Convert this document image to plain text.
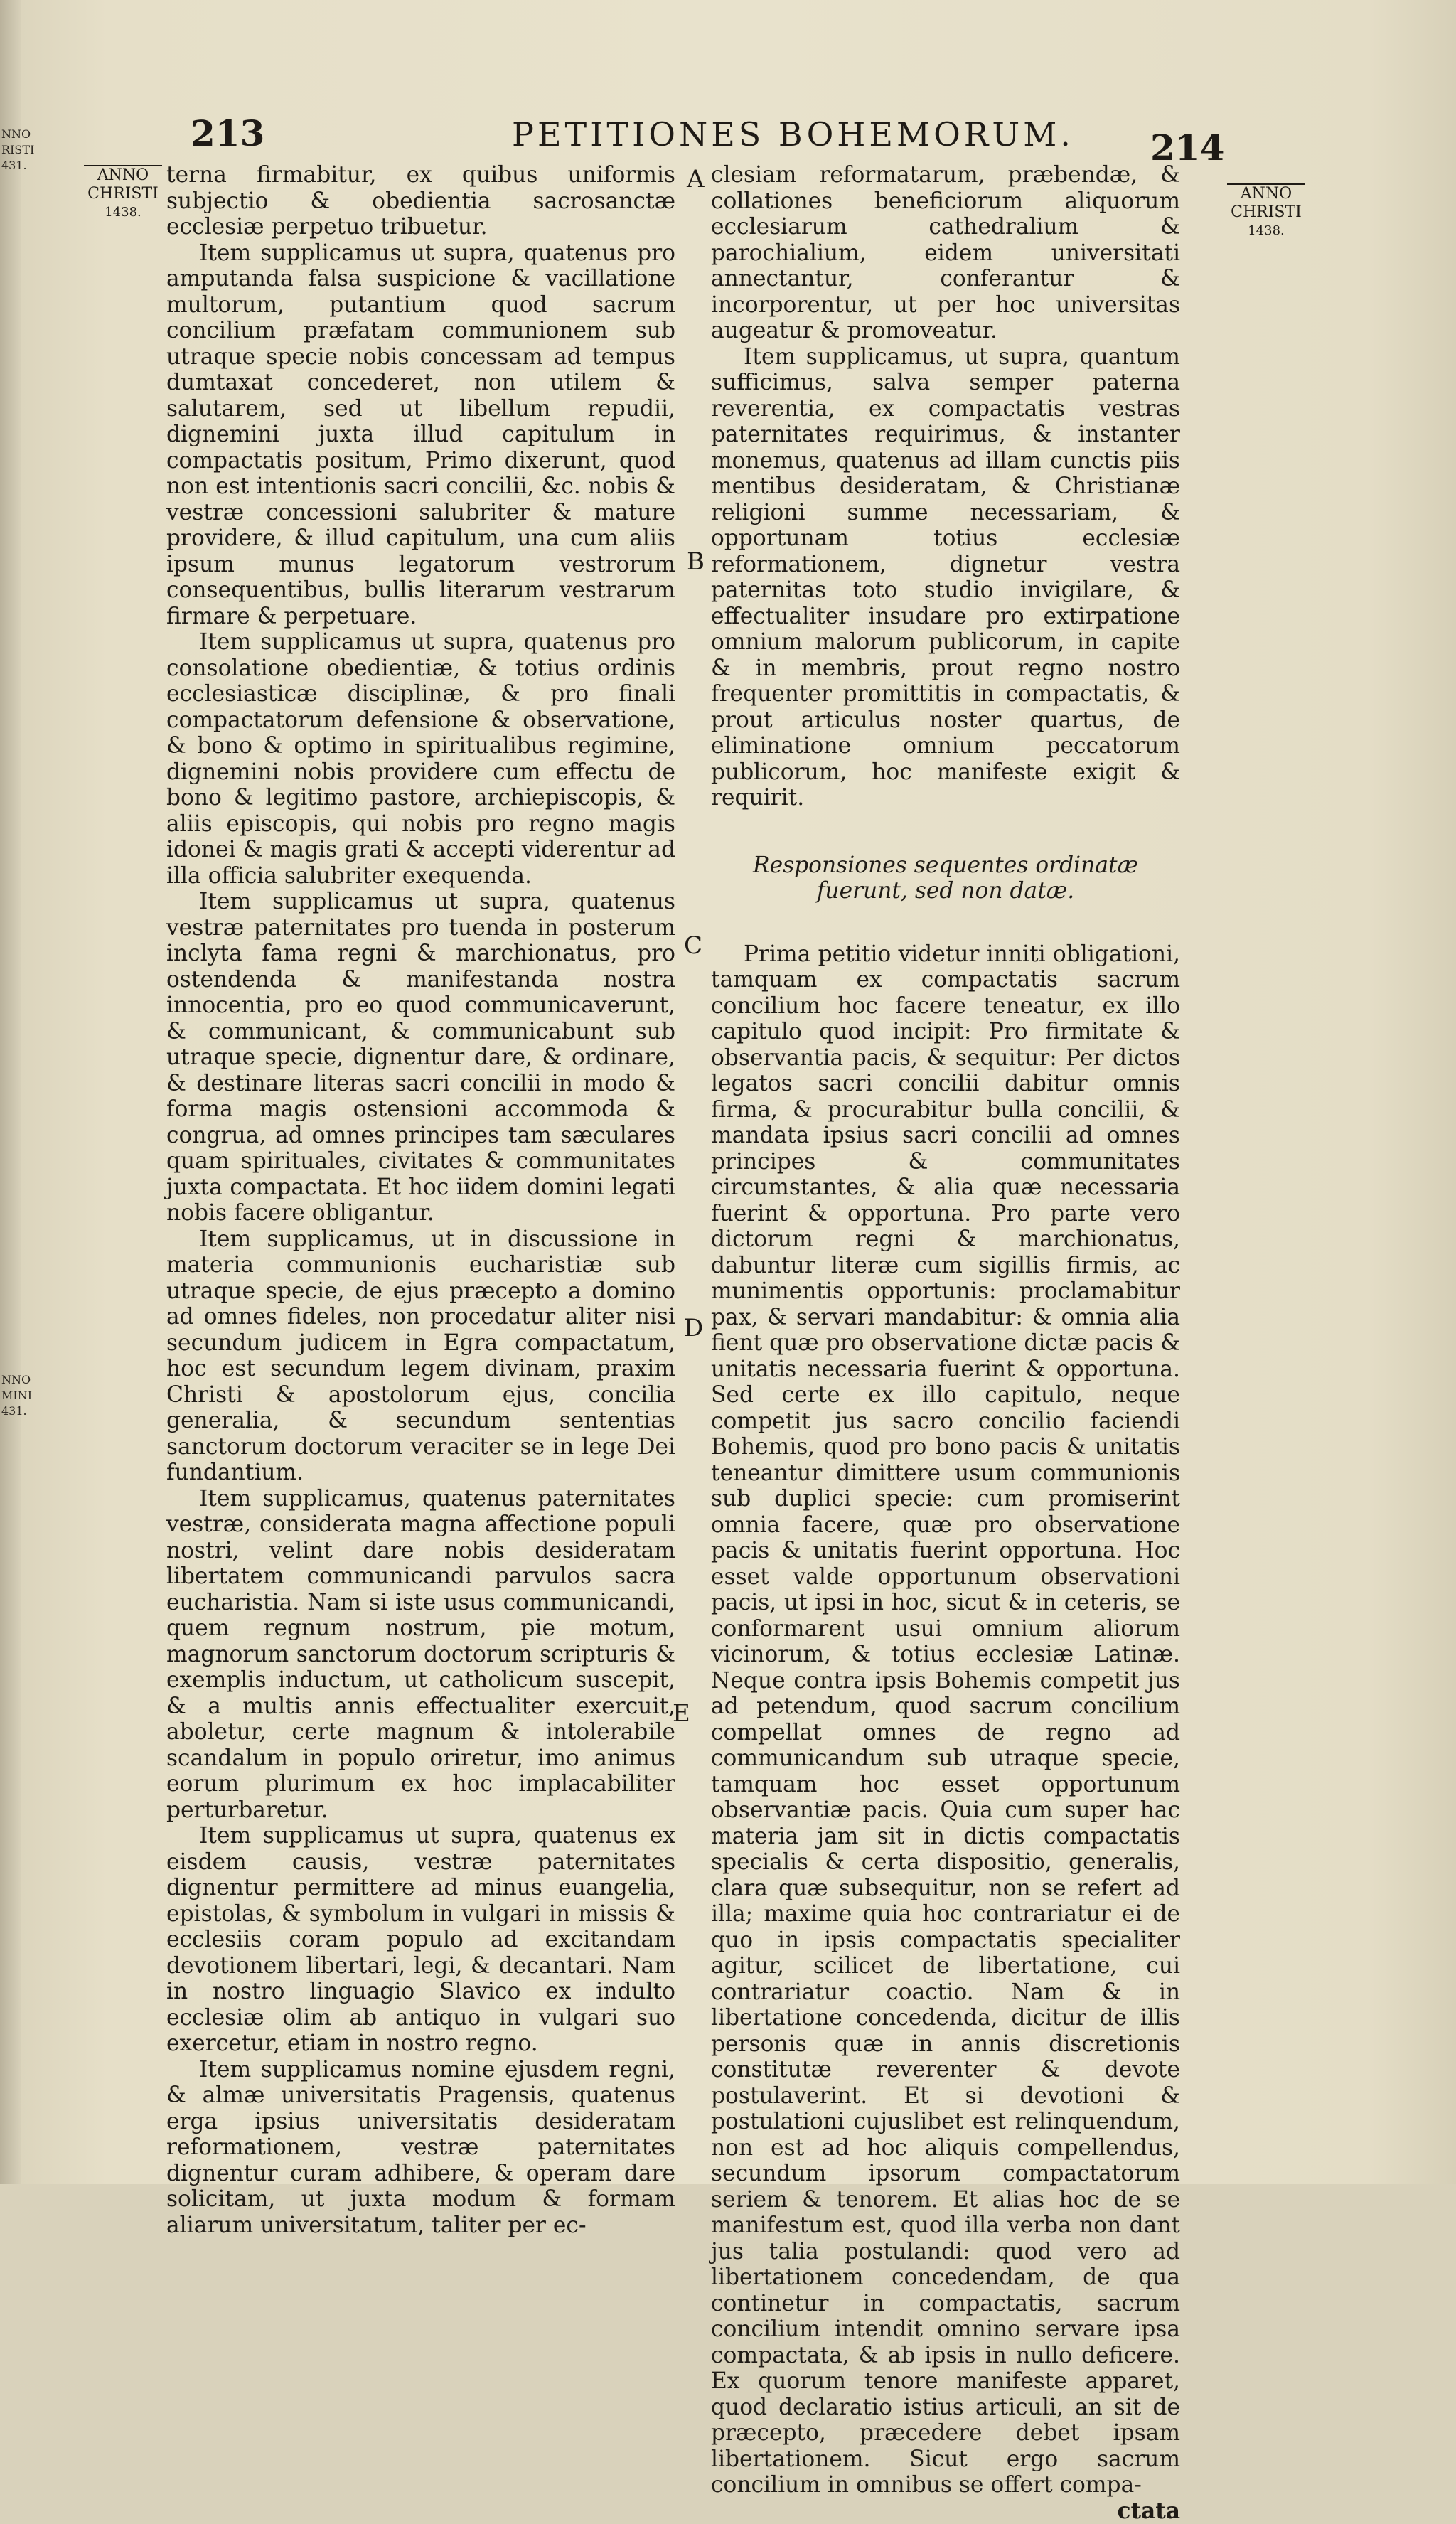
NNO
RISTI
431.
NNO
MINI
431.
213	PETITIONES BOHEMORUM. 214
ANNO
CHRISTI
1438.
ANNO
CHRISTI
1438.
A
B
C
D
E

terna firmabitur, ex quibus uniformis subjectio & obedientia sacrosanctæ ecclesiæ perpetuo tribuetur.

Item supplicamus ut supra, quatenus pro amputanda falsa suspicione & vacillatione multorum, putantium quod sacrum concilium præfatam communionem sub utraque specie nobis concessam ad tempus dumtaxat concederet, non utilem & salutarem, sed ut libellum repudii, dignemini juxta illud capitulum in compactatis positum, Primo dixerunt, quod non est intentionis sacri concilii, &c. nobis & vestræ concessioni salubriter & mature providere, & illud capitulum, una cum aliis ipsum munus legatorum vestrorum consequentibus, bullis literarum vestrarum firmare & perpetuare.

Item supplicamus ut supra, quatenus pro consolatione obedientiæ, & totius ordinis ecclesiasticæ disciplinæ, & pro finali compactatorum defensione & observatione, & bono & optimo in spiritualibus regimine, dignemini nobis providere cum effectu de bono & legitimo pastore, archiepiscopis, & aliis episcopis, qui nobis pro regno magis idonei & magis grati & accepti viderentur ad illa officia salubriter exequenda.

Item supplicamus ut supra, quatenus vestræ paternitates pro tuenda in posterum inclyta fama regni & marchionatus, pro ostendenda & manifestanda nostra innocentia, pro eo quod communicaverunt, & communicant, & communicabunt sub utraque specie, dignentur dare, & ordinare, & destinare literas sacri concilii in modo & forma magis ostensioni accommoda & congrua, ad omnes principes tam sæculares quam spirituales, civitates & communitates juxta compactata. Et hoc iidem domini legati nobis facere obligantur.

Item supplicamus, ut in discussione in materia communionis eucharistiæ sub utraque specie, de ejus præcepto a domino ad omnes fideles, non procedatur aliter nisi secundum judicem in Egra compactatum, hoc est secundum legem divinam, praxim Christi & apostolorum ejus, concilia generalia, & secundum sententias sanctorum doctorum veraciter se in lege Dei fundantium.

Item supplicamus, quatenus paternitates vestræ, considerata magna affectione populi nostri, velint dare nobis desideratam libertatem communicandi parvulos sacra eucharistia. Nam si iste usus communicandi, quem regnum nostrum, pie motum, magnorum sanctorum doctorum scripturis & exemplis inductum, ut catholicum suscepit, & a multis annis effectualiter exercuit, aboletur, certe magnum & intolerabile scandalum in populo oriretur, imo animus eorum plurimum ex hoc implacabiliter perturbaretur.

Item supplicamus ut supra, quatenus ex eisdem causis, vestræ paternitates dignentur permittere ad minus euangelia, epistolas, & symbolum in vulgari in missis & ecclesiis coram populo ad excitandam devotionem libertari, legi, & decantari. Nam in nostro linguagio Slavico ex indulto ecclesiæ olim ab antiquo in vulgari suo exercetur, etiam in nostro regno.

Item supplicamus nomine ejusdem regni, & almæ universitatis Pragensis, quatenus erga ipsius universitatis desideratam reformationem, vestræ paternitates dignentur curam adhibere, & operam dare solicitam, ut juxta modum & formam aliarum universitatum, taliter per ec-

clesiam reformatarum, præbendæ, & collationes beneficiorum aliquorum ecclesiarum cathedralium & parochialium, eidem universitati annectantur, conferantur & incorporentur, ut per hoc universitas augeatur & promoveatur.

Item supplicamus, ut supra, quantum sufficimus, salva semper paterna reverentia, ex compactatis vestras paternitates requirimus, & instanter monemus, quatenus ad illam cunctis piis mentibus desideratam, & Christianæ religioni summe necessariam, & opportunam totius ecclesiæ reformationem, dignetur vestra paternitas toto studio invigilare, & effectualiter insudare pro extirpatione omnium malorum publicorum, in capite & in membris, prout regno nostro frequenter promittitis in compactatis, & prout articulus noster quartus, de eliminatione omnium peccatorum publicorum, hoc manifeste exigit & requirit.

Responsiones sequentes ordinatæ fuerunt, sed non datæ.

Prima petitio videtur inniti obligationi, tamquam ex compactatis sacrum concilium hoc facere teneatur, ex illo capitulo quod incipit: Pro firmitate & observantia pacis, & sequitur: Per dictos legatos sacri concilii dabitur omnis firma, & procurabitur bulla concilii, & mandata ipsius sacri concilii ad omnes principes & communitates circumstantes, & alia quæ necessaria fuerint & opportuna. Pro parte vero dictorum regni & marchionatus, dabuntur literæ cum sigillis firmis, ac munimentis opportunis: proclamabitur pax, & servari mandabitur: & omnia alia fient quæ pro observatione dictæ pacis & unitatis necessaria fuerint & opportuna. Sed certe ex illo capitulo, neque competit jus sacro concilio faciendi Bohemis, quod pro bono pacis & unitatis teneantur dimittere usum communionis sub duplici specie: cum promiserint omnia facere, quæ pro observatione pacis & unitatis fuerint opportuna. Hoc esset valde opportunum observationi pacis, ut ipsi in hoc, sicut & in ceteris, se conformarent usui omnium aliorum vicinorum, & totius ecclesiæ Latinæ. Neque contra ipsis Bohemis competit jus ad petendum, quod sacrum concilium compellat omnes de regno ad communicandum sub utraque specie, tamquam hoc esset opportunum observantiæ pacis. Quia cum super hac materia jam sit in dictis compactatis specialis & certa dispositio, generalis, clara quæ subsequitur, non se refert ad illa; maxime quia hoc contrariatur ei de quo in ipsis compactatis specialiter agitur, scilicet de libertatione, cui contrariatur coactio. Nam & in libertatione concedenda, dicitur de illis personis quæ in annis discretionis constitutæ reverenter & devote postulaverint. Et si devotioni & postulationi cujuslibet est relinquendum, non est ad hoc aliquis compellendus, secundum ipsorum compactatorum seriem & tenorem. Et alias hoc de se manifestum est, quod illa verba non dant jus talia postulandi: quod vero ad libertationem concedendam, de qua continetur in compactatis, sacrum concilium intendit omnino servare ipsa compactata, & ab ipsis in nullo deficere. Ex quorum tenore manifeste apparet, quod declaratio istius articuli, an sit de præcepto, præcedere debet ipsam libertationem. Sicut ergo sacrum concilium in omnibus se offert compa-

ctata
